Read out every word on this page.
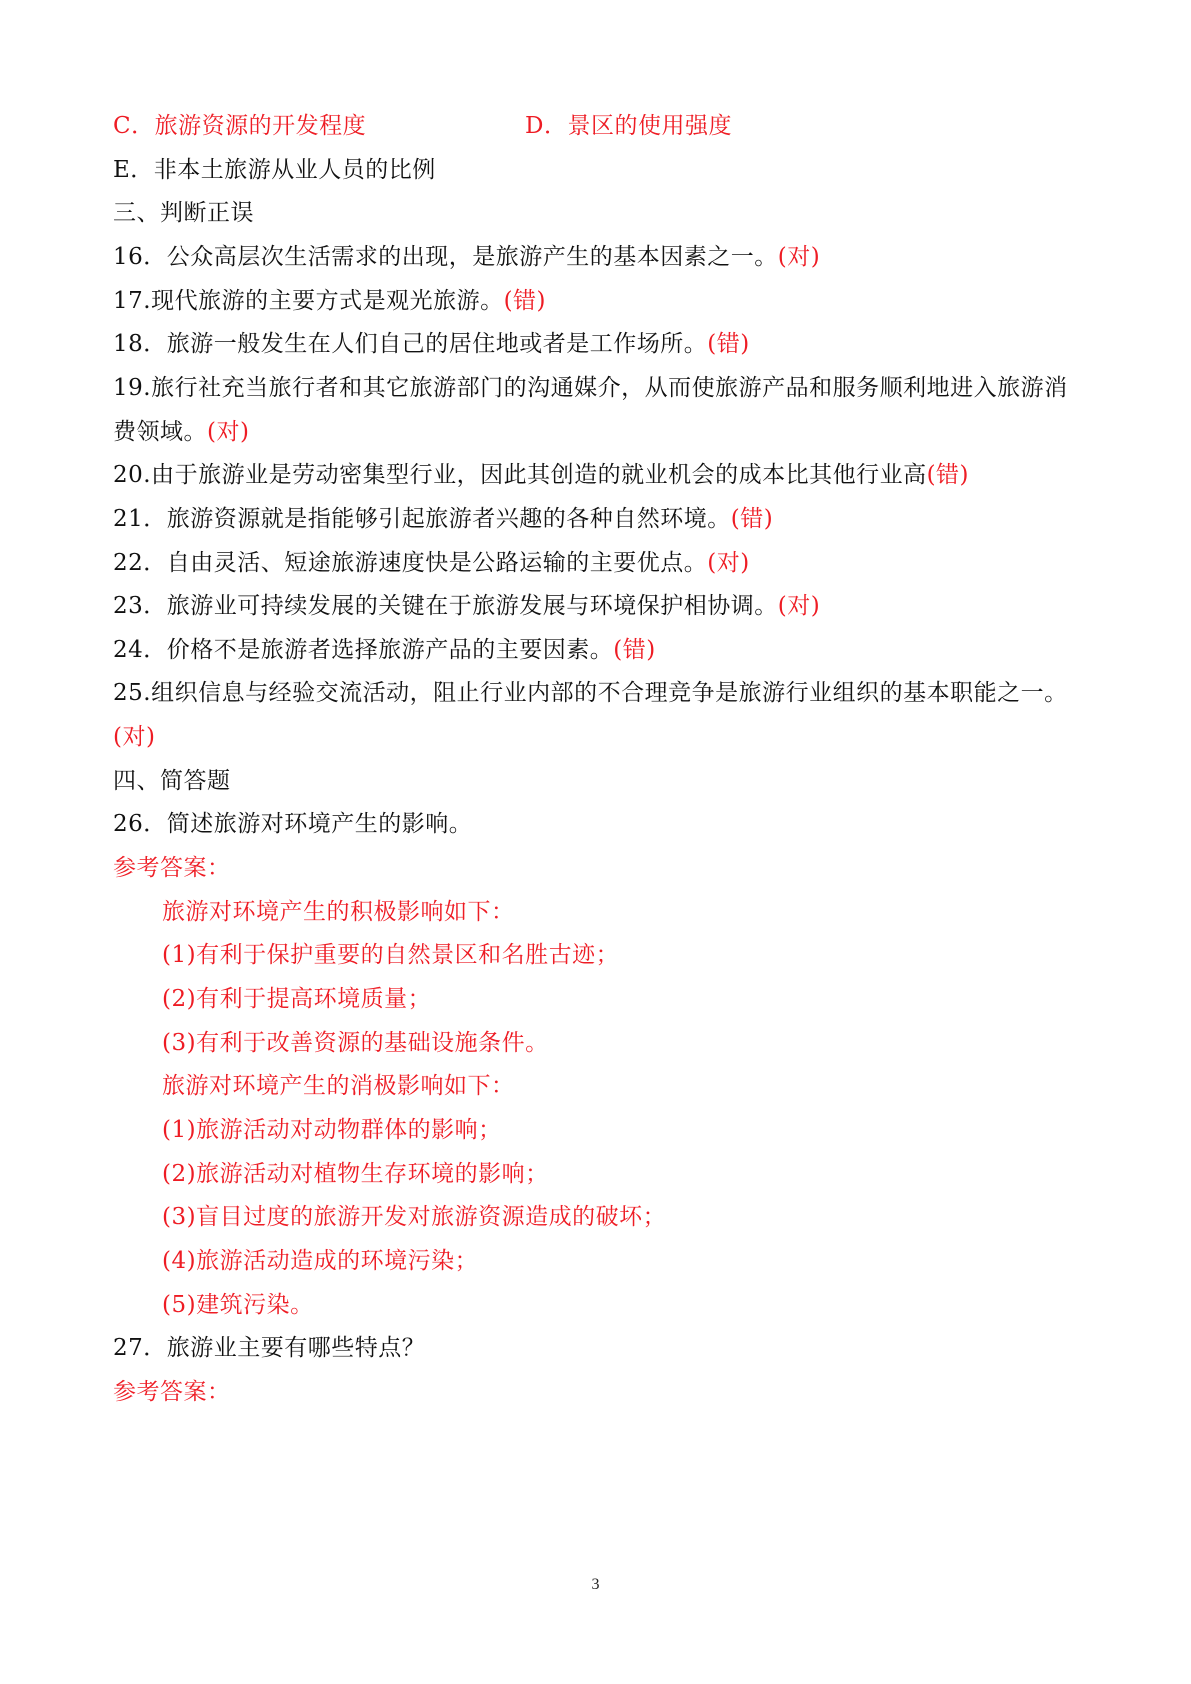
C．旅游资源的开发程度	D．景区的使用强度
E．非本土旅游从业人员的比例
三、判断正误
16．公众高层次生活需求的出现，是旅游产生的基本因素之一。(对)
17.现代旅游的主要方式是观光旅游。(错)
18．旅游一般发生在人们自己的居住地或者是工作场所。(错)
19.旅行社充当旅行者和其它旅游部门的沟通媒介，从而使旅游产品和服务顺利地进入旅游消
费领域。(对)
20.由于旅游业是劳动密集型行业，因此其创造的就业机会的成本比其他行业高(错)
21．旅游资源就是指能够引起旅游者兴趣的各种自然环境。(错)
22．自由灵活、短途旅游速度快是公路运输的主要优点。(对)
23．旅游业可持续发展的关键在于旅游发展与环境保护相协调。(对)
24．价格不是旅游者选择旅游产品的主要因素。(错)
25.组织信息与经验交流活动，阻止行业内部的不合理竞争是旅游行业组织的基本职能之一。
(对)
四、简答题
26．简述旅游对环境产生的影响。
参考答案：
旅游对环境产生的积极影响如下：
(1)有利于保护重要的自然景区和名胜古迹；
(2)有利于提高环境质量；
(3)有利于改善资源的基础设施条件。
旅游对环境产生的消极影响如下：
(1)旅游活动对动物群体的影响；
(2)旅游活动对植物生存环境的影响；
(3)盲目过度的旅游开发对旅游资源造成的破坏；
(4)旅游活动造成的环境污染；
(5)建筑污染。
27．旅游业主要有哪些特点？
参考答案：
3
